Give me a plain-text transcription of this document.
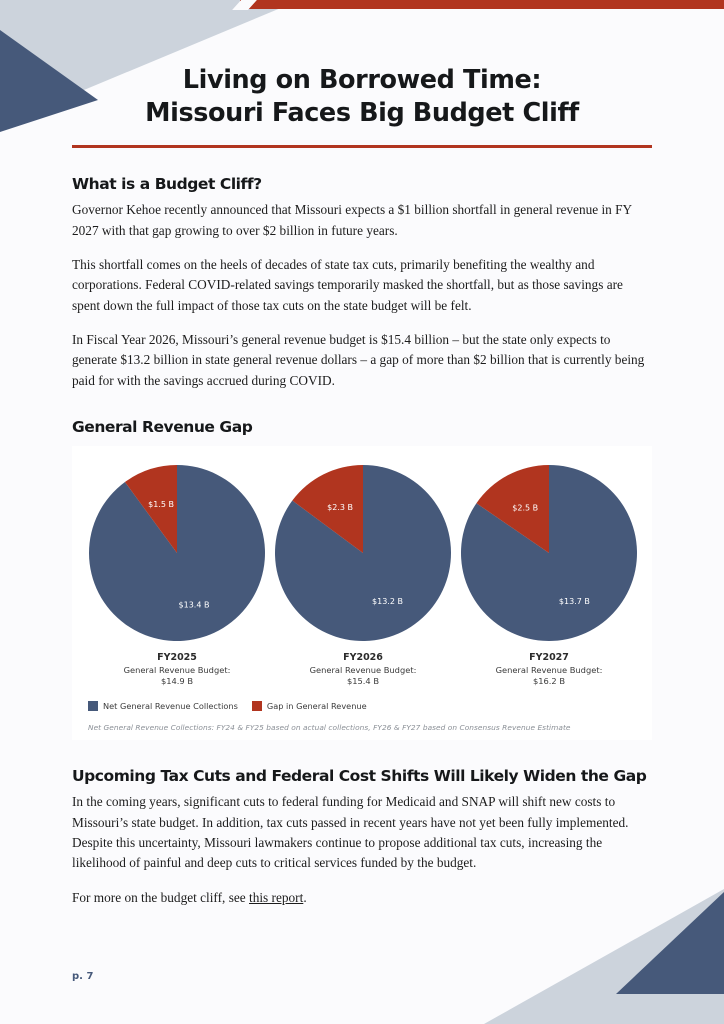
Living on Borrowed Time:
Missouri Faces Big Budget Cliff
What is a Budget Cliff?

Governor Kehoe recently announced that Missouri expects a $1 billion shortfall in general revenue in FY 2027 with that gap growing to over $2 billion in future years.

This shortfall comes on the heels of decades of state tax cuts, primarily benefiting the wealthy and corporations. Federal COVID-related savings temporarily masked the shortfall, but as those savings are spent down the full impact of those tax cuts on the state budget will be felt.

In Fiscal Year 2026, Missouri’s general revenue budget is $15.4 billion – but the state only expects to generate $13.2 billion in state general revenue dollars – a gap of more than $2 billion that is currently being paid for with the savings accrued during COVID.

General Revenue Gap
$13.4 B
$1.5 B
FY2025
General Revenue Budget:
$14.9 B
$13.2 B
$2.3 B
FY2026
General Revenue Budget:
$15.4 B
$13.7 B
$2.5 B
FY2027
General Revenue Budget:
$16.2 B
Net General Revenue Collections	Gap in General Revenue
Net General Revenue Collections: FY24 & FY25 based on actual collections, FY26 & FY27 based on Consensus Revenue Estimate
Upcoming Tax Cuts and Federal Cost Shifts Will Likely Widen the Gap

In the coming years, significant cuts to federal funding for Medicaid and SNAP will shift new costs to Missouri’s state budget. In addition, tax cuts passed in recent years have not yet been fully implemented. Despite this uncertainty, Missouri lawmakers continue to propose additional tax cuts, increasing the likelihood of painful and deep cuts to critical services funded by the budget.

For more on the budget cliff, see this report.

p. 7
